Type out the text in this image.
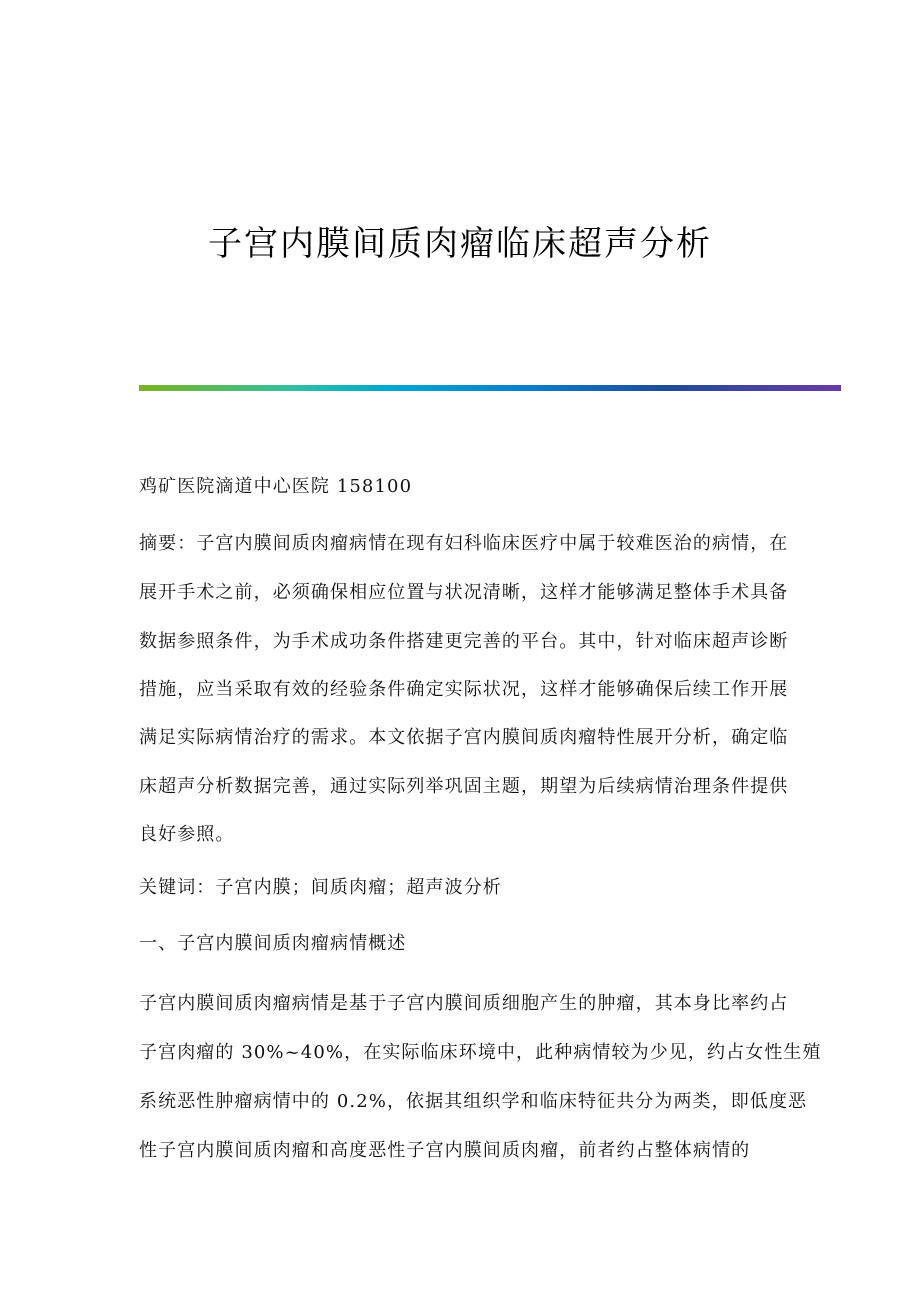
子宫内膜间质肉瘤临床超声分析
鸡矿医院滴道中心医院 158100
摘要：子宫内膜间质肉瘤病情在现有妇科临床医疗中属于较难医治的病情，在
展开手术之前，必须确保相应位置与状况清晰，这样才能够满足整体手术具备
数据参照条件，为手术成功条件搭建更完善的平台。其中，针对临床超声诊断
措施，应当采取有效的经验条件确定实际状况，这样才能够确保后续工作开展
满足实际病情治疗的需求。本文依据子宫内膜间质肉瘤特性展开分析，确定临
床超声分析数据完善，通过实际列举巩固主题，期望为后续病情治理条件提供
良好参照。
关键词：子宫内膜；间质肉瘤；超声波分析
一、子宫内膜间质肉瘤病情概述
子宫内膜间质肉瘤病情是基于子宫内膜间质细胞产生的肿瘤，其本身比率约占
子宫肉瘤的 30%~40%，在实际临床环境中，此种病情较为少见，约占女性生殖
系统恶性肿瘤病情中的 0.2%，依据其组织学和临床特征共分为两类，即低度恶
性子宫内膜间质肉瘤和高度恶性子宫内膜间质肉瘤，前者约占整体病情的
